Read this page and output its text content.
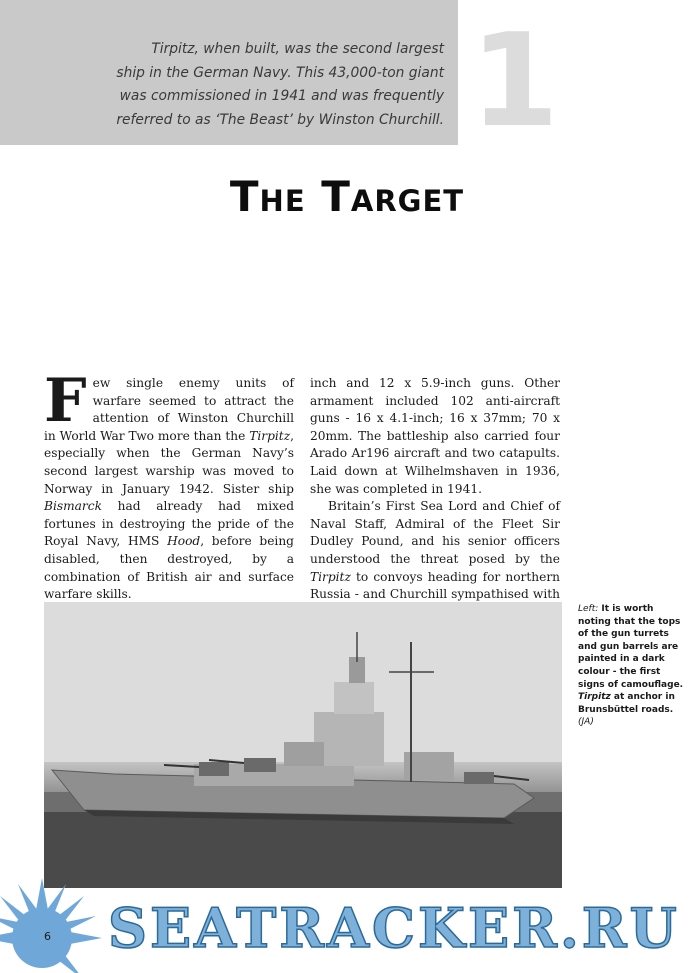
Tirpitz, when built, was the second largest
ship in the German Navy. This 43,000-ton giant
was commissioned in 1941 and was frequently
referred to as ‘The Beast’ by Winston Churchill. 1
The Target

Few single enemy units of warfare seemed to attract the attention of Winston Churchill in World War Two more than the Tirpitz, especially when the German Navy’s second largest warship was moved to Norway in January 1942. Sister ship Bismarck had already had mixed fortunes in destroying the pride of the Royal Navy, HMS Hood, before being disabled, then destroyed, by a combination of British air and surface warfare skills.

inch and 12 x 5.9-inch guns. Other armament included 102 anti-aircraft guns - 16 x 4.1-inch; 16 x 37mm; 70 x 20mm. The battleship also carried four Arado Ar196 aircraft and two catapults. Laid down at Wilhelmshaven in 1936, she was completed in 1941.

Britain’s First Sea Lord and Chief of Naval Staff, Admiral of the Fleet Sir Dudley Pound, and his senior officers understood the threat posed by the Tirpitz to convoys heading for northern Russia - and Churchill sympathised with

Left: It is worth noting that the tops of the gun turrets and gun barrels are painted in a dark colour - the first signs of camouflage. Tirpitz at anchor in Brunsbüttel roads.
(JA)

6 SEATRACKER.RU
